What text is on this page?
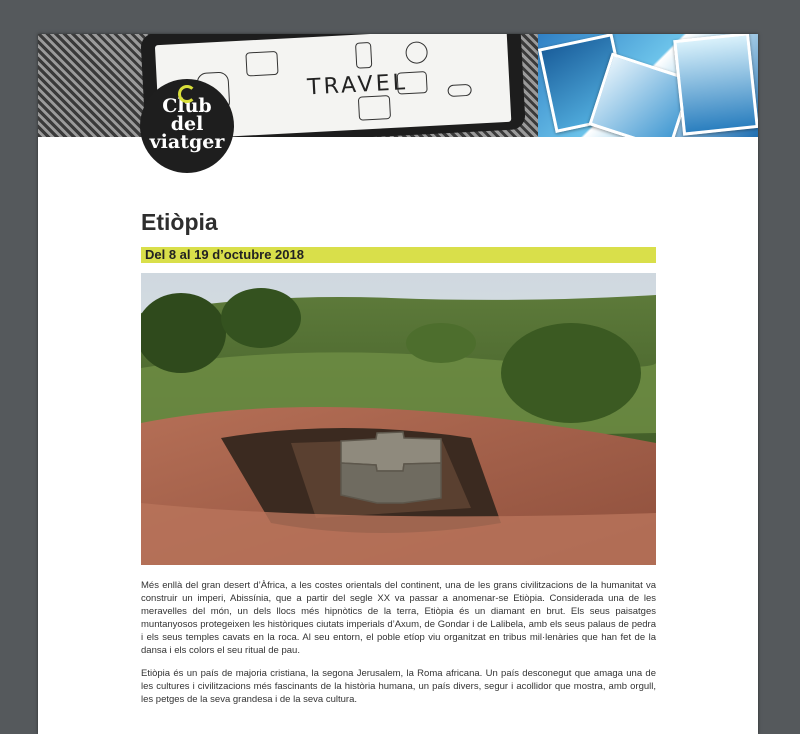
TRAVEL
Club
del
viatger
Etiòpia
Del 8 al 19 d’octubre 2018

Més enllà del gran desert d’Àfrica, a les costes orientals del continent, una de les grans civilitzacions de la humanitat va construir un imperi, Abissínia, que a partir del segle XX va passar a anomenar-se Etiòpia. Considerada una de les meravelles del món, un dels llocs més hipnòtics de la terra, Etiòpia és un diamant en brut. Els seus paisatges muntanyosos protegeixen les històriques ciutats imperials d’Axum, de Gondar i de Lalibela, amb els seus palaus de pedra i els seus temples cavats en la roca. Al seu entorn, el poble etíop viu organitzat en tribus mil·lenàries que han fet de la dansa i els colors el seu ritual de pau.

Etiòpia és un país de majoria cristiana, la segona Jerusalem, la Roma africana. Un país desconegut que amaga una de les cultures i civilitzacions més fascinants de la història humana, un país divers, segur i acollidor que mostra, amb orgull, les petges de la seva grandesa i de la seva cultura.
